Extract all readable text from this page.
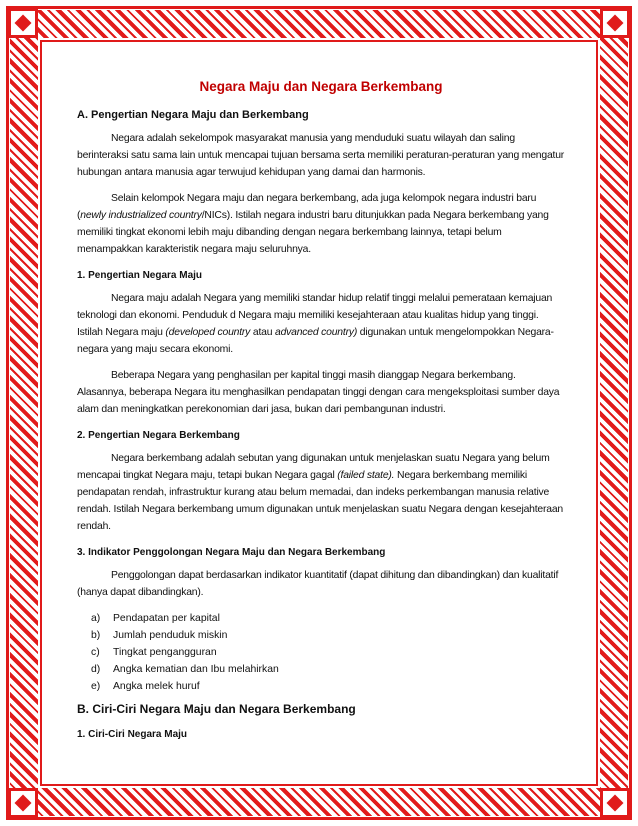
Negara Maju dan Negara Berkembang
A. Pengertian Negara Maju dan Berkembang

Negara adalah sekelompok masyarakat manusia yang menduduki suatu wilayah dan saling berinteraksi satu sama lain untuk mencapai tujuan bersama serta memiliki peraturan-peraturan yang mengatur hubungan antara manusia agar terwujud kehidupan yang damai dan harmonis.

Selain kelompok Negara maju dan negara berkembang, ada juga kelompok negara industri baru (newly industrialized country/NICs). Istilah negara industri baru ditunjukkan pada Negara berkembang yang memiliki tingkat ekonomi lebih maju dibanding dengan negara berkembang lainnya, tetapi belum menampakkan karakteristik negara maju seluruhnya.

1. Pengertian Negara Maju

Negara maju adalah Negara yang memiliki standar hidup relatif tinggi melalui pemerataan kemajuan teknologi dan ekonomi. Penduduk d Negara maju memiliki kesejahteraan atau kualitas hidup yang tinggi. Istilah Negara maju (developed country atau advanced country) digunakan untuk mengelompokkan Negara-negara yang maju secara ekonomi.

Beberapa Negara yang penghasilan per kapital tinggi masih dianggap Negara berkembang. Alasannya, beberapa Negara itu menghasilkan pendapatan tinggi dengan cara mengeksploitasi sumber daya alam dan meningkatkan perekonomian dari jasa, bukan dari pembangunan industri.

2. Pengertian Negara Berkembang

Negara berkembang adalah sebutan yang digunakan untuk menjelaskan suatu Negara yang belum mencapai tingkat Negara maju, tetapi bukan Negara gagal (failed state). Negara berkembang memiliki pendapatan rendah, infrastruktur kurang atau belum memadai, dan indeks perkembangan manusia relative rendah. Istilah Negara berkembang umum digunakan untuk menjelaskan suatu Negara dengan kesejahteraan rendah.

3. Indikator Penggolongan Negara Maju dan Negara Berkembang

Penggolongan dapat berdasarkan indikator kuantitatif (dapat dihitung dan dibandingkan) dan kualitatif (hanya dapat dibandingkan).

a)	Pendapatan per kapital
b)	Jumlah penduduk miskin
c)	Tingkat pengangguran
d)	Angka kematian dan Ibu melahirkan
e)	Angka melek huruf
B. Ciri-Ciri Negara Maju dan Negara Berkembang
1. Ciri-Ciri Negara Maju
